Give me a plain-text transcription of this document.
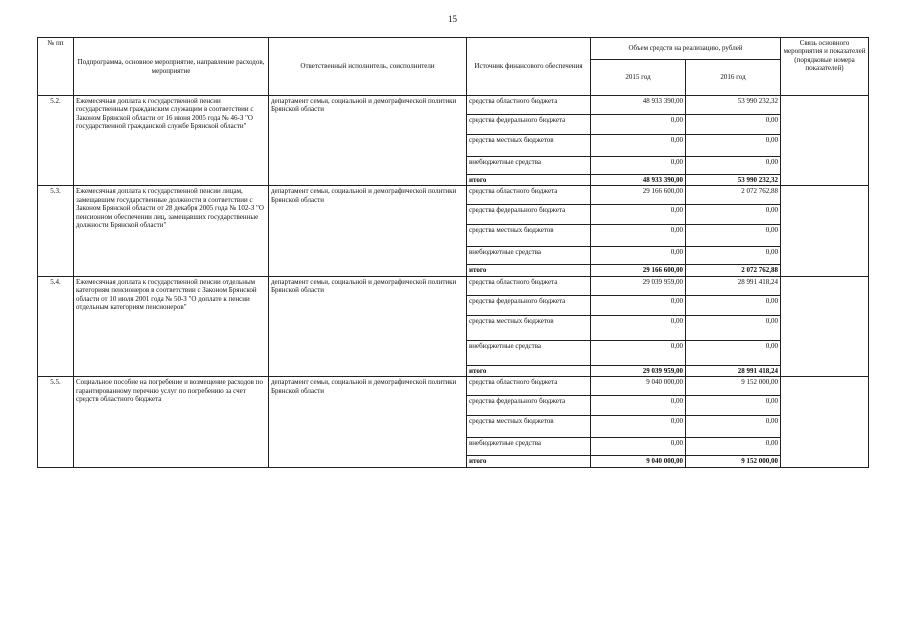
15
№ пп	Подпрограмма, основное мероприятие, направление расходов, мероприятие	Ответственный исполнитель, соисполнители	Источник финансового обеспечения	Объем средств на реализацию, рублей		Связь основного мероприятия и показателей (порядковые номера показателей)
				2015 год	2016 год	
5.2.	Ежемесячная доплата к государственной пенсии государственным гражданским служащим в соответствии с Законом Брянской области от 16 июня 2005 года № 46-З "О государственной гражданской службе Брянской области"	департамент семьи, социальной и демографической политики Брянской области	средства областного бюджета	48 933 390,00	53 990 232,32	
			средства федерального бюджета	0,00	0,00	
			средства местных бюджетов	0,00	0,00	
			внебюджетные средства	0,00	0,00	
			итого	48 933 390,00	53 990 232,32	
5.3.	Ежемесячная доплата к государственной пенсии лицам, замещавшим государственные должности в соответствии с Законом Брянской области от 28 декабря 2005 года № 102-З "О пенсионном обеспечении лиц, замещавших государственные должности Брянской области"	департамент семьи, социальной и демографической политики Брянской области	средства областного бюджета	29 166 600,00	2 072 762,88	
			средства федерального бюджета	0,00	0,00	
			средства местных бюджетов	0,00	0,00	
			внебюджетные средства	0,00	0,00	
			итого	29 166 600,00	2 072 762,88	
5.4.	Ежемесячная доплата к государственной пенсии отдельным категориям пенсионеров в соответствии с Законом Брянской области от 10 июля 2001 года № 50-З "О доплате к пенсии отдельным категориям пенсионеров"	департамент семьи, социальной и демографической политики Брянской области	средства областного бюджета	29 039 959,00	28 991 418,24	
			средства федерального бюджета	0,00	0,00	
			средства местных бюджетов	0,00	0,00	
			внебюджетные средства	0,00	0,00	
			итого	29 039 959,00	28 991 418,24	
5.5.	Социальное пособие на погребение и возмещение расходов по гарантированному перечню услуг по погребению за счет средств областного бюджета	департамент семьи, социальной и демографической политики Брянской области	средства областного бюджета	9 040 000,00	9 152 000,00	
			средства федерального бюджета	0,00	0,00	
			средства местных бюджетов	0,00	0,00	
			внебюджетные средства	0,00	0,00	
			итого	9 040 000,00	9 152 000,00	
